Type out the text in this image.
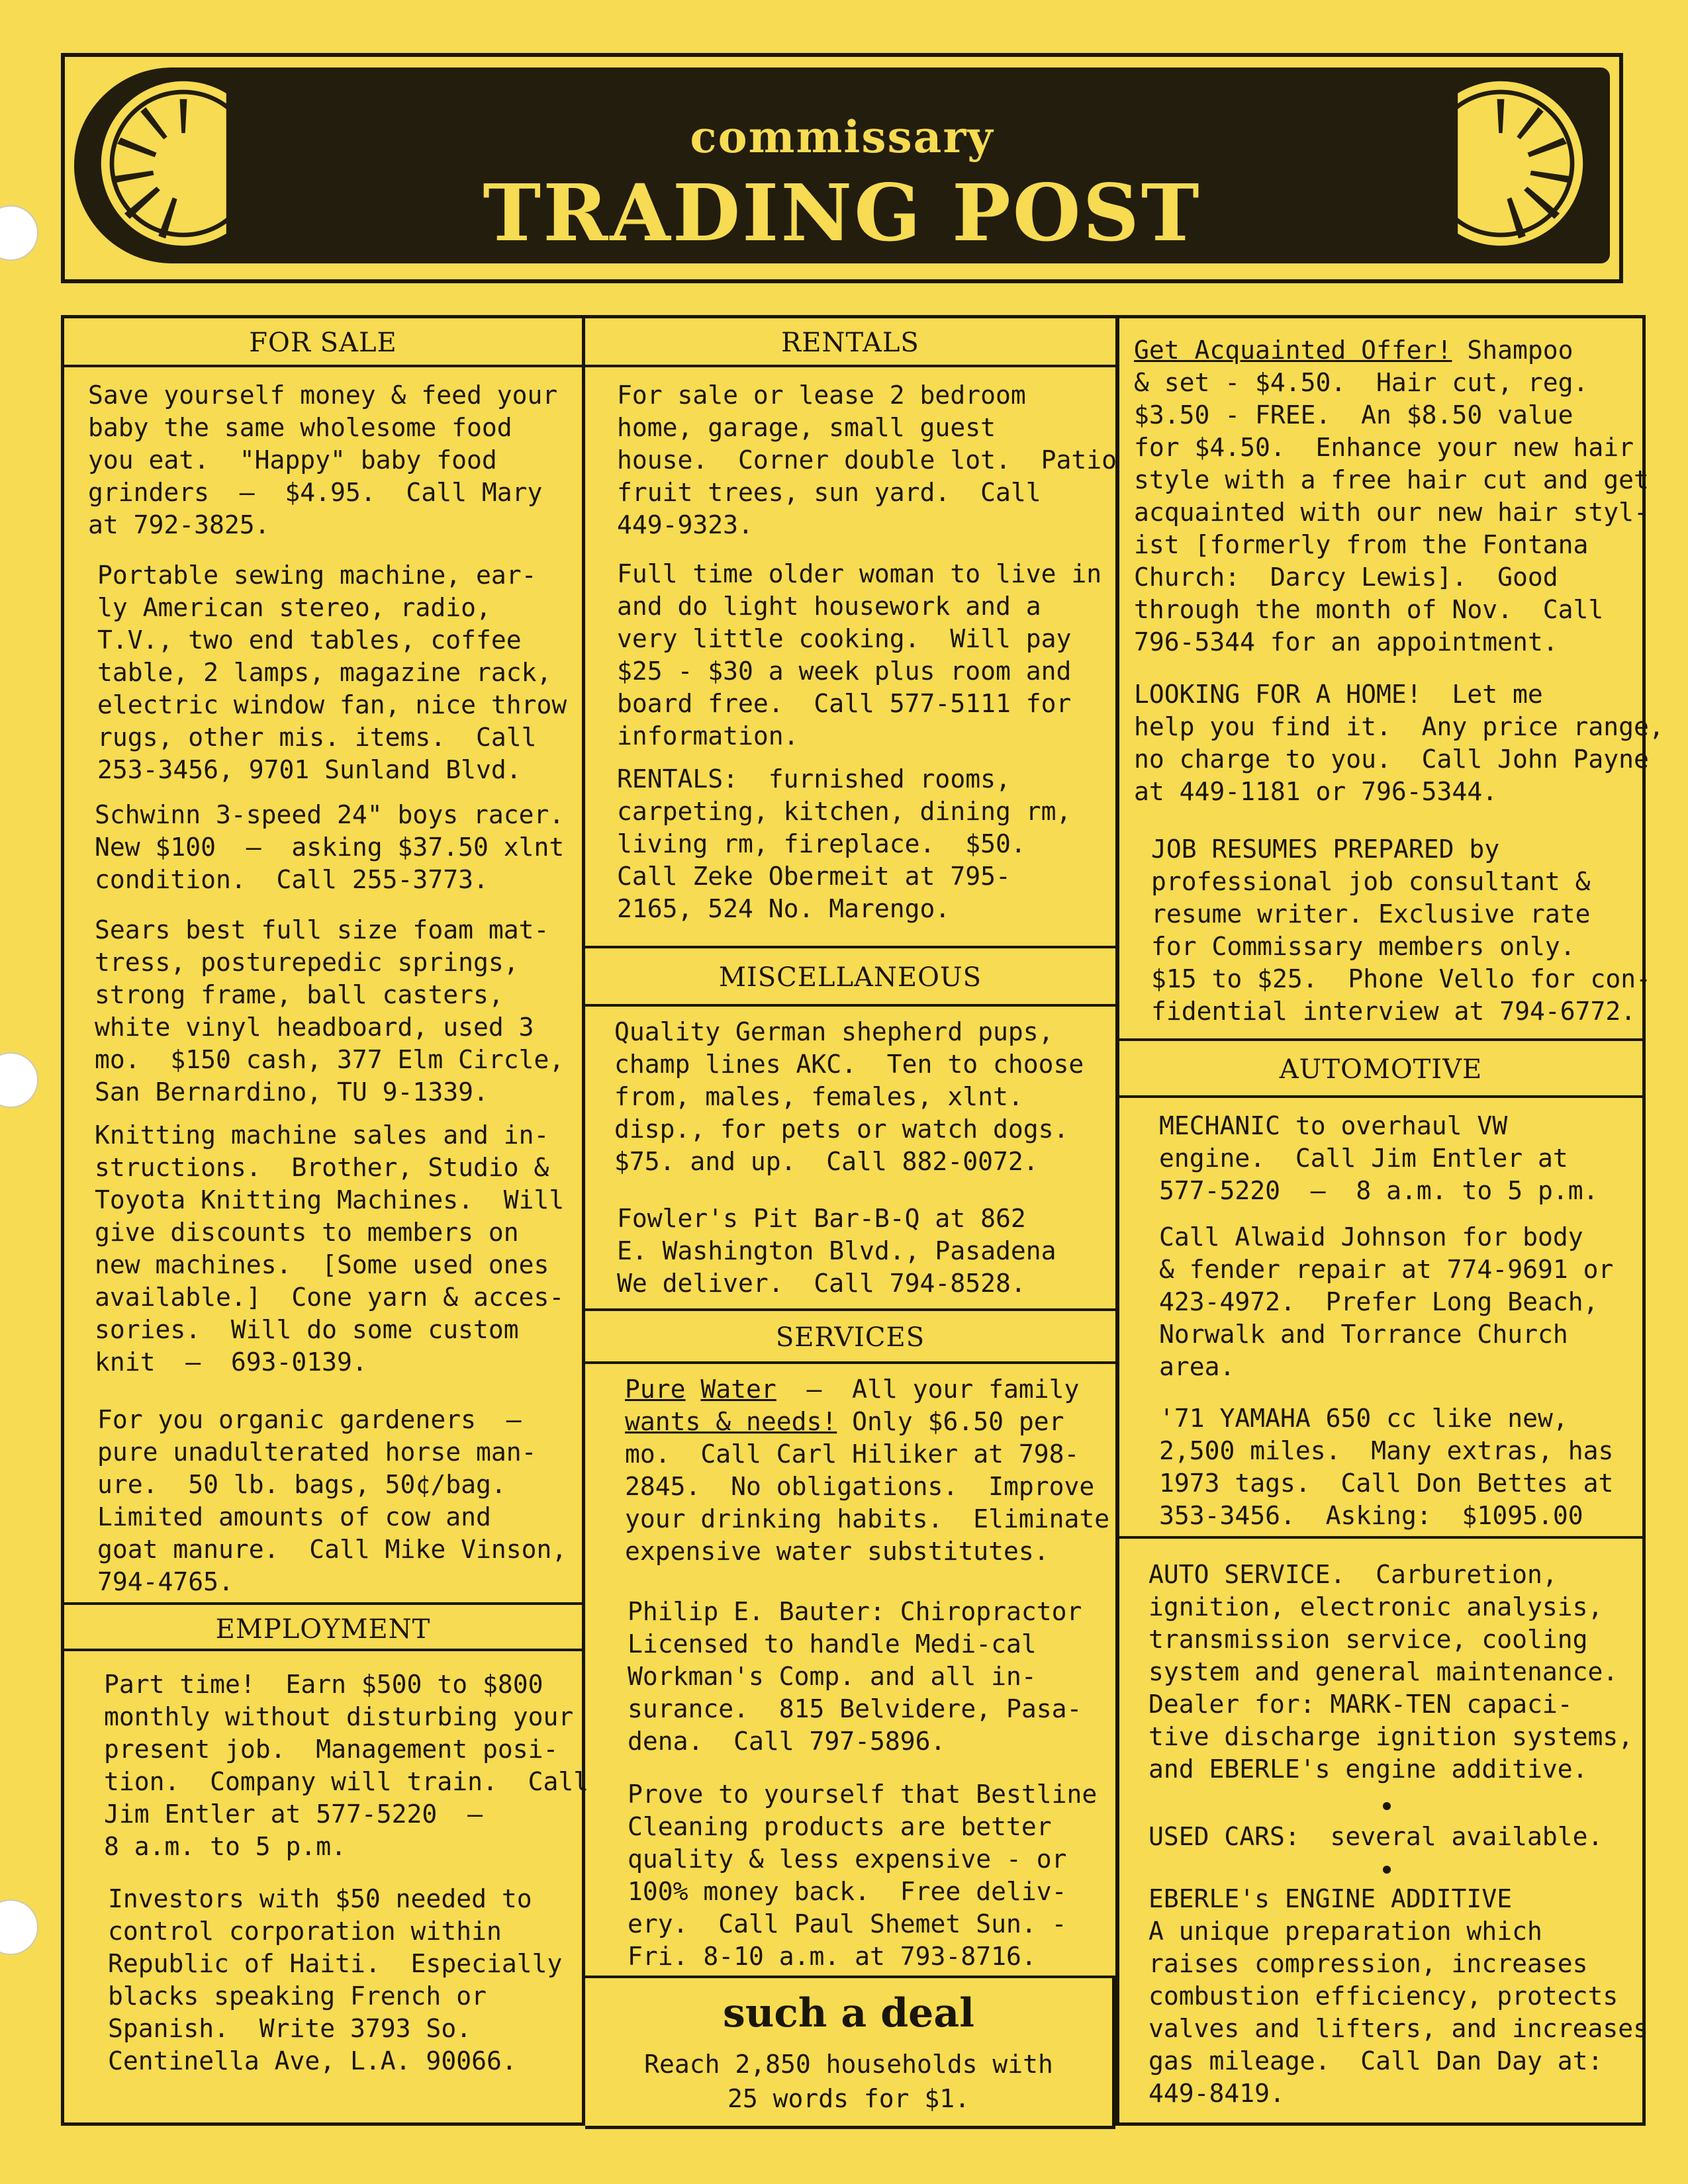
commissary
TRADING POST
FOR SALE
Save yourself money & feed your
baby the same wholesome food
you eat.  "Happy" baby food
grinders  —  $4.95.  Call Mary
at 792-3825.
Portable sewing machine, ear-
ly American stereo, radio,
T.V., two end tables, coffee
table, 2 lamps, magazine rack,
electric window fan, nice throw
rugs, other mis. items.  Call
253-3456, 9701 Sunland Blvd.
Schwinn 3-speed 24" boys racer.
New $100  —  asking $37.50 xlnt
condition.  Call 255-3773.
Sears best full size foam mat-
tress, posturepedic springs,
strong frame, ball casters,
white vinyl headboard, used 3
mo.  $150 cash, 377 Elm Circle,
San Bernardino, TU 9-1339.
Knitting machine sales and in-
structions.  Brother, Studio &
Toyota Knitting Machines.  Will
give discounts to members on
new machines.  [Some used ones
available.]  Cone yarn & acces-
sories.  Will do some custom
knit  —  693-0139.
For you organic gardeners  —
pure unadulterated horse man-
ure.  50 lb. bags, 50¢/bag.
Limited amounts of cow and
goat manure.  Call Mike Vinson,
794-4765.
EMPLOYMENT
Part time!  Earn $500 to $800
monthly without disturbing your
present job.  Management posi-
tion.  Company will train.  Call
Jim Entler at 577-5220  —
8 a.m. to 5 p.m.
Investors with $50 needed to
control corporation within
Republic of Haiti.  Especially
blacks speaking French or
Spanish.  Write 3793 So.
Centinella Ave, L.A. 90066.
RENTALS
For sale or lease 2 bedroom
home, garage, small guest
house.  Corner double lot.  Patio
fruit trees, sun yard.  Call
449-9323.
Full time older woman to live in
and do light housework and a
very little cooking.  Will pay
$25 - $30 a week plus room and
board free.  Call 577-5111 for
information.
RENTALS:  furnished rooms,
carpeting, kitchen, dining rm,
living rm, fireplace.  $50.
Call Zeke Obermeit at 795-
2165, 524 No. Marengo.
MISCELLANEOUS
Quality German shepherd pups,
champ lines AKC.  Ten to choose
from, males, females, xlnt.
disp., for pets or watch dogs.
$75. and up.  Call 882-0072.
Fowler's Pit Bar-B-Q at 862
E. Washington Blvd., Pasadena
We deliver.  Call 794-8528.
SERVICES
Pure Water  —  All your family
wants & needs! Only $6.50 per
mo.  Call Carl Hiliker at 798-
2845.  No obligations.  Improve
your drinking habits.  Eliminate
expensive water substitutes.
Philip E. Bauter: Chiropractor
Licensed to handle Medi-cal
Workman's Comp. and all in-
surance.  815 Belvidere, Pasa-
dena.  Call 797-5896.
Prove to yourself that Bestline
Cleaning products are better
quality & less expensive - or
100% money back.  Free deliv-
ery.  Call Paul Shemet Sun. -
Fri. 8-10 a.m. at 793-8716.
such a deal
Reach 2,850 households with
25 words for $1.
Get Acquainted Offer! Shampoo
& set - $4.50.  Hair cut, reg.
$3.50 - FREE.  An $8.50 value
for $4.50.  Enhance your new hair
style with a free hair cut and get
acquainted with our new hair styl-
ist [formerly from the Fontana
Church:  Darcy Lewis].  Good
through the month of Nov.  Call
796-5344 for an appointment.
LOOKING FOR A HOME!  Let me
help you find it.  Any price range,
no charge to you.  Call John Payne
at 449-1181 or 796-5344.
JOB RESUMES PREPARED by
professional job consultant &
resume writer. Exclusive rate
for Commissary members only.
$15 to $25.  Phone Vello for con-
fidential interview at 794-6772.
AUTOMOTIVE
MECHANIC to overhaul VW
engine.  Call Jim Entler at
577-5220  —  8 a.m. to 5 p.m.
Call Alwaid Johnson for body
& fender repair at 774-9691 or
423-4972.  Prefer Long Beach,
Norwalk and Torrance Church
area.
'71 YAMAHA 650 cc like new,
2,500 miles.  Many extras, has
1973 tags.  Call Don Bettes at
353-3456.  Asking:  $1095.00
AUTO SERVICE.  Carburetion,
ignition, electronic analysis,
transmission service, cooling
system and general maintenance.
Dealer for: MARK-TEN capaci-
tive discharge ignition systems,
and EBERLE's engine additive.
USED CARS:  several available.
EBERLE's ENGINE ADDITIVE
A unique preparation which
raises compression, increases
combustion efficiency, protects
valves and lifters, and increases
gas mileage.  Call Dan Day at:
449-8419.
